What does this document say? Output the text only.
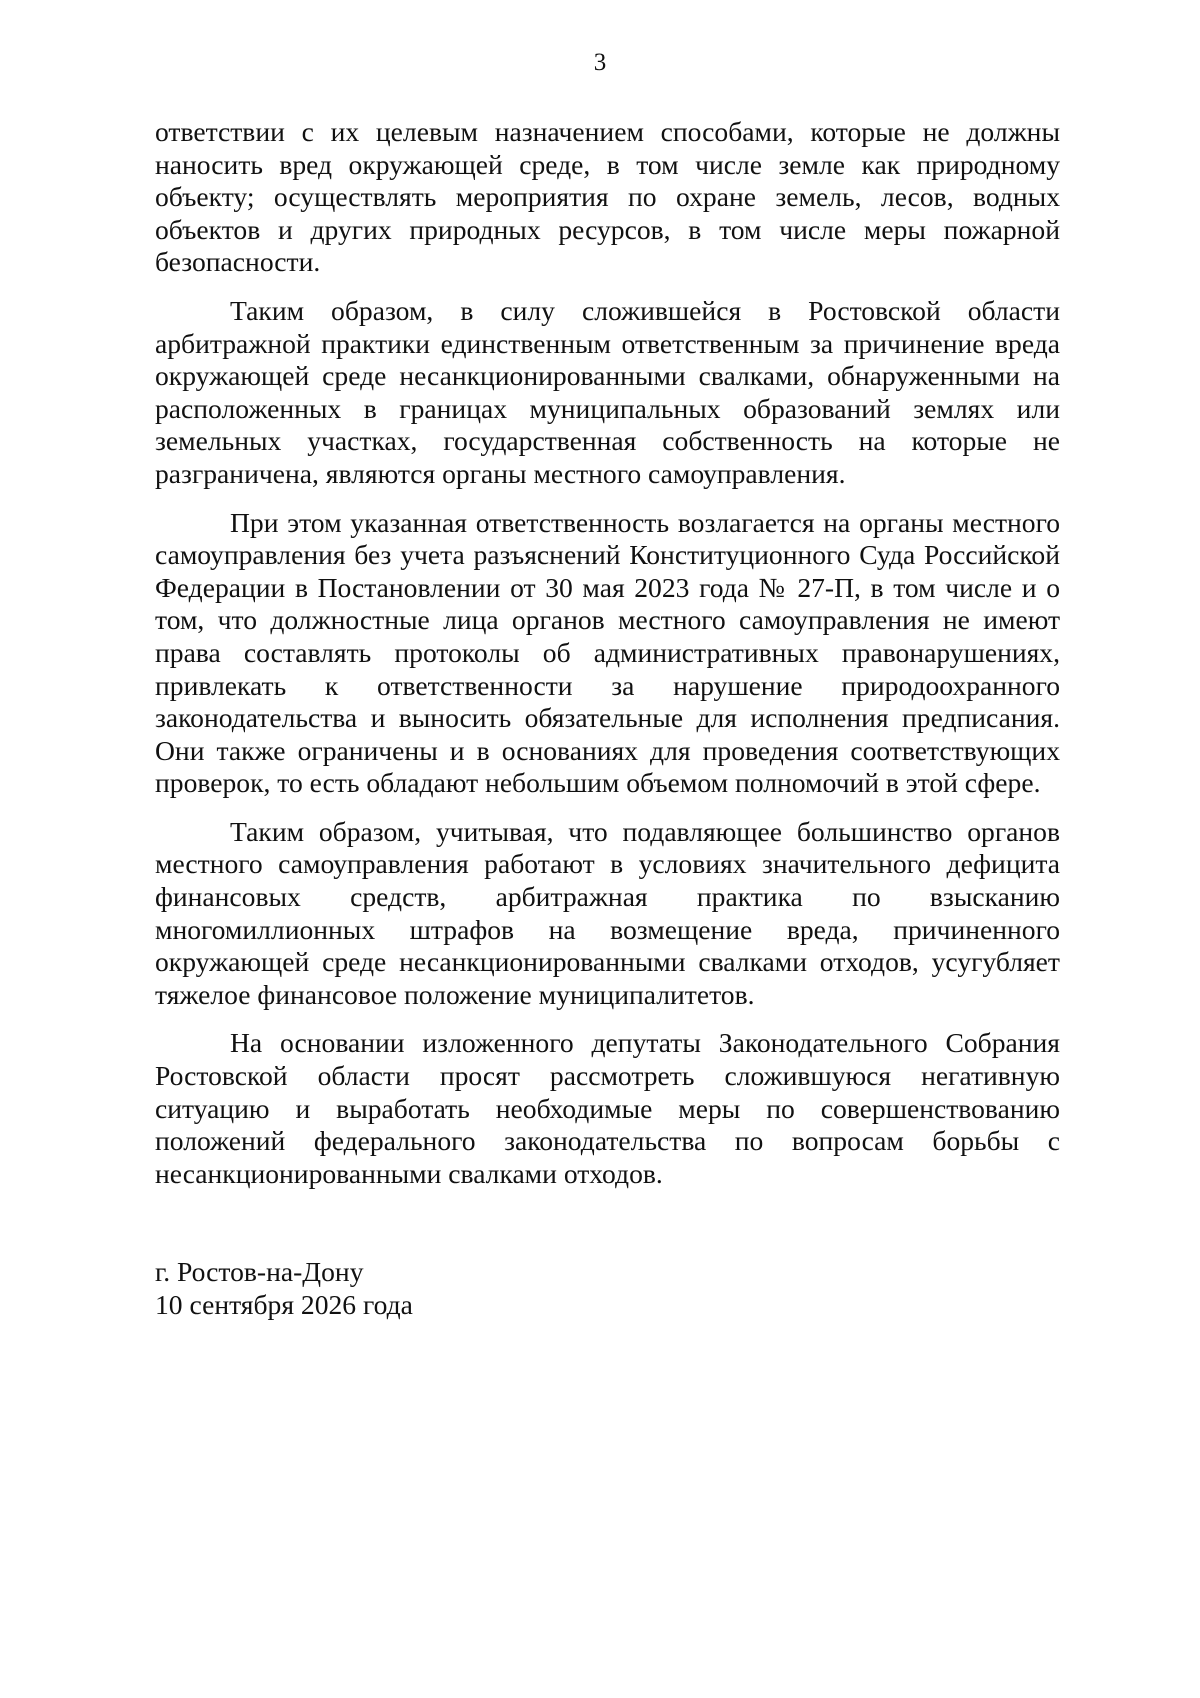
3

ответствии с их целевым назначением способами, которые не должны наносить вред окружающей среде, в том числе земле как природному объекту; осуществлять мероприятия по охране земель, лесов, водных объектов и других природных ресурсов, в том числе меры пожарной безопасности.

Таким образом, в силу сложившейся в Ростовской области арбитражной практики единственным ответственным за причинение вреда окружающей среде несанкционированными свалками, обнаруженными на расположенных в границах муниципальных образований землях или земельных участках, государственная собственность на которые не разграничена, являются органы местного самоуправления.

При этом указанная ответственность возлагается на органы местного самоуправления без учета разъяснений Конституционного Суда Российской Федерации в Постановлении от 30 мая 2023 года № 27-П, в том числе и о том, что должностные лица органов местного самоуправления не имеют права составлять протоколы об административных правонарушениях, привлекать к ответственности за нарушение природоохранного законодательства и выносить обязательные для исполнения предписания. Они также ограничены и в основаниях для проведения соответствующих проверок, то есть обладают небольшим объемом полномочий в этой сфере.

Таким образом, учитывая, что подавляющее большинство органов местного самоуправления работают в условиях значительного дефицита финансовых средств, арбитражная практика по взысканию многомиллионных штрафов на возмещение вреда, причиненного окружающей среде несанкционированными свалками отходов, усугубляет тяжелое финансовое положение муниципалитетов.

На основании изложенного депутаты Законодательного Собрания Ростовской области просят рассмотреть сложившуюся негативную ситуацию и выработать необходимые меры по совершенствованию положений федерального законодательства по вопросам борьбы с несанкционированными свалками отходов.

г. Ростов-на-Дону
10 сентября 2026 года
